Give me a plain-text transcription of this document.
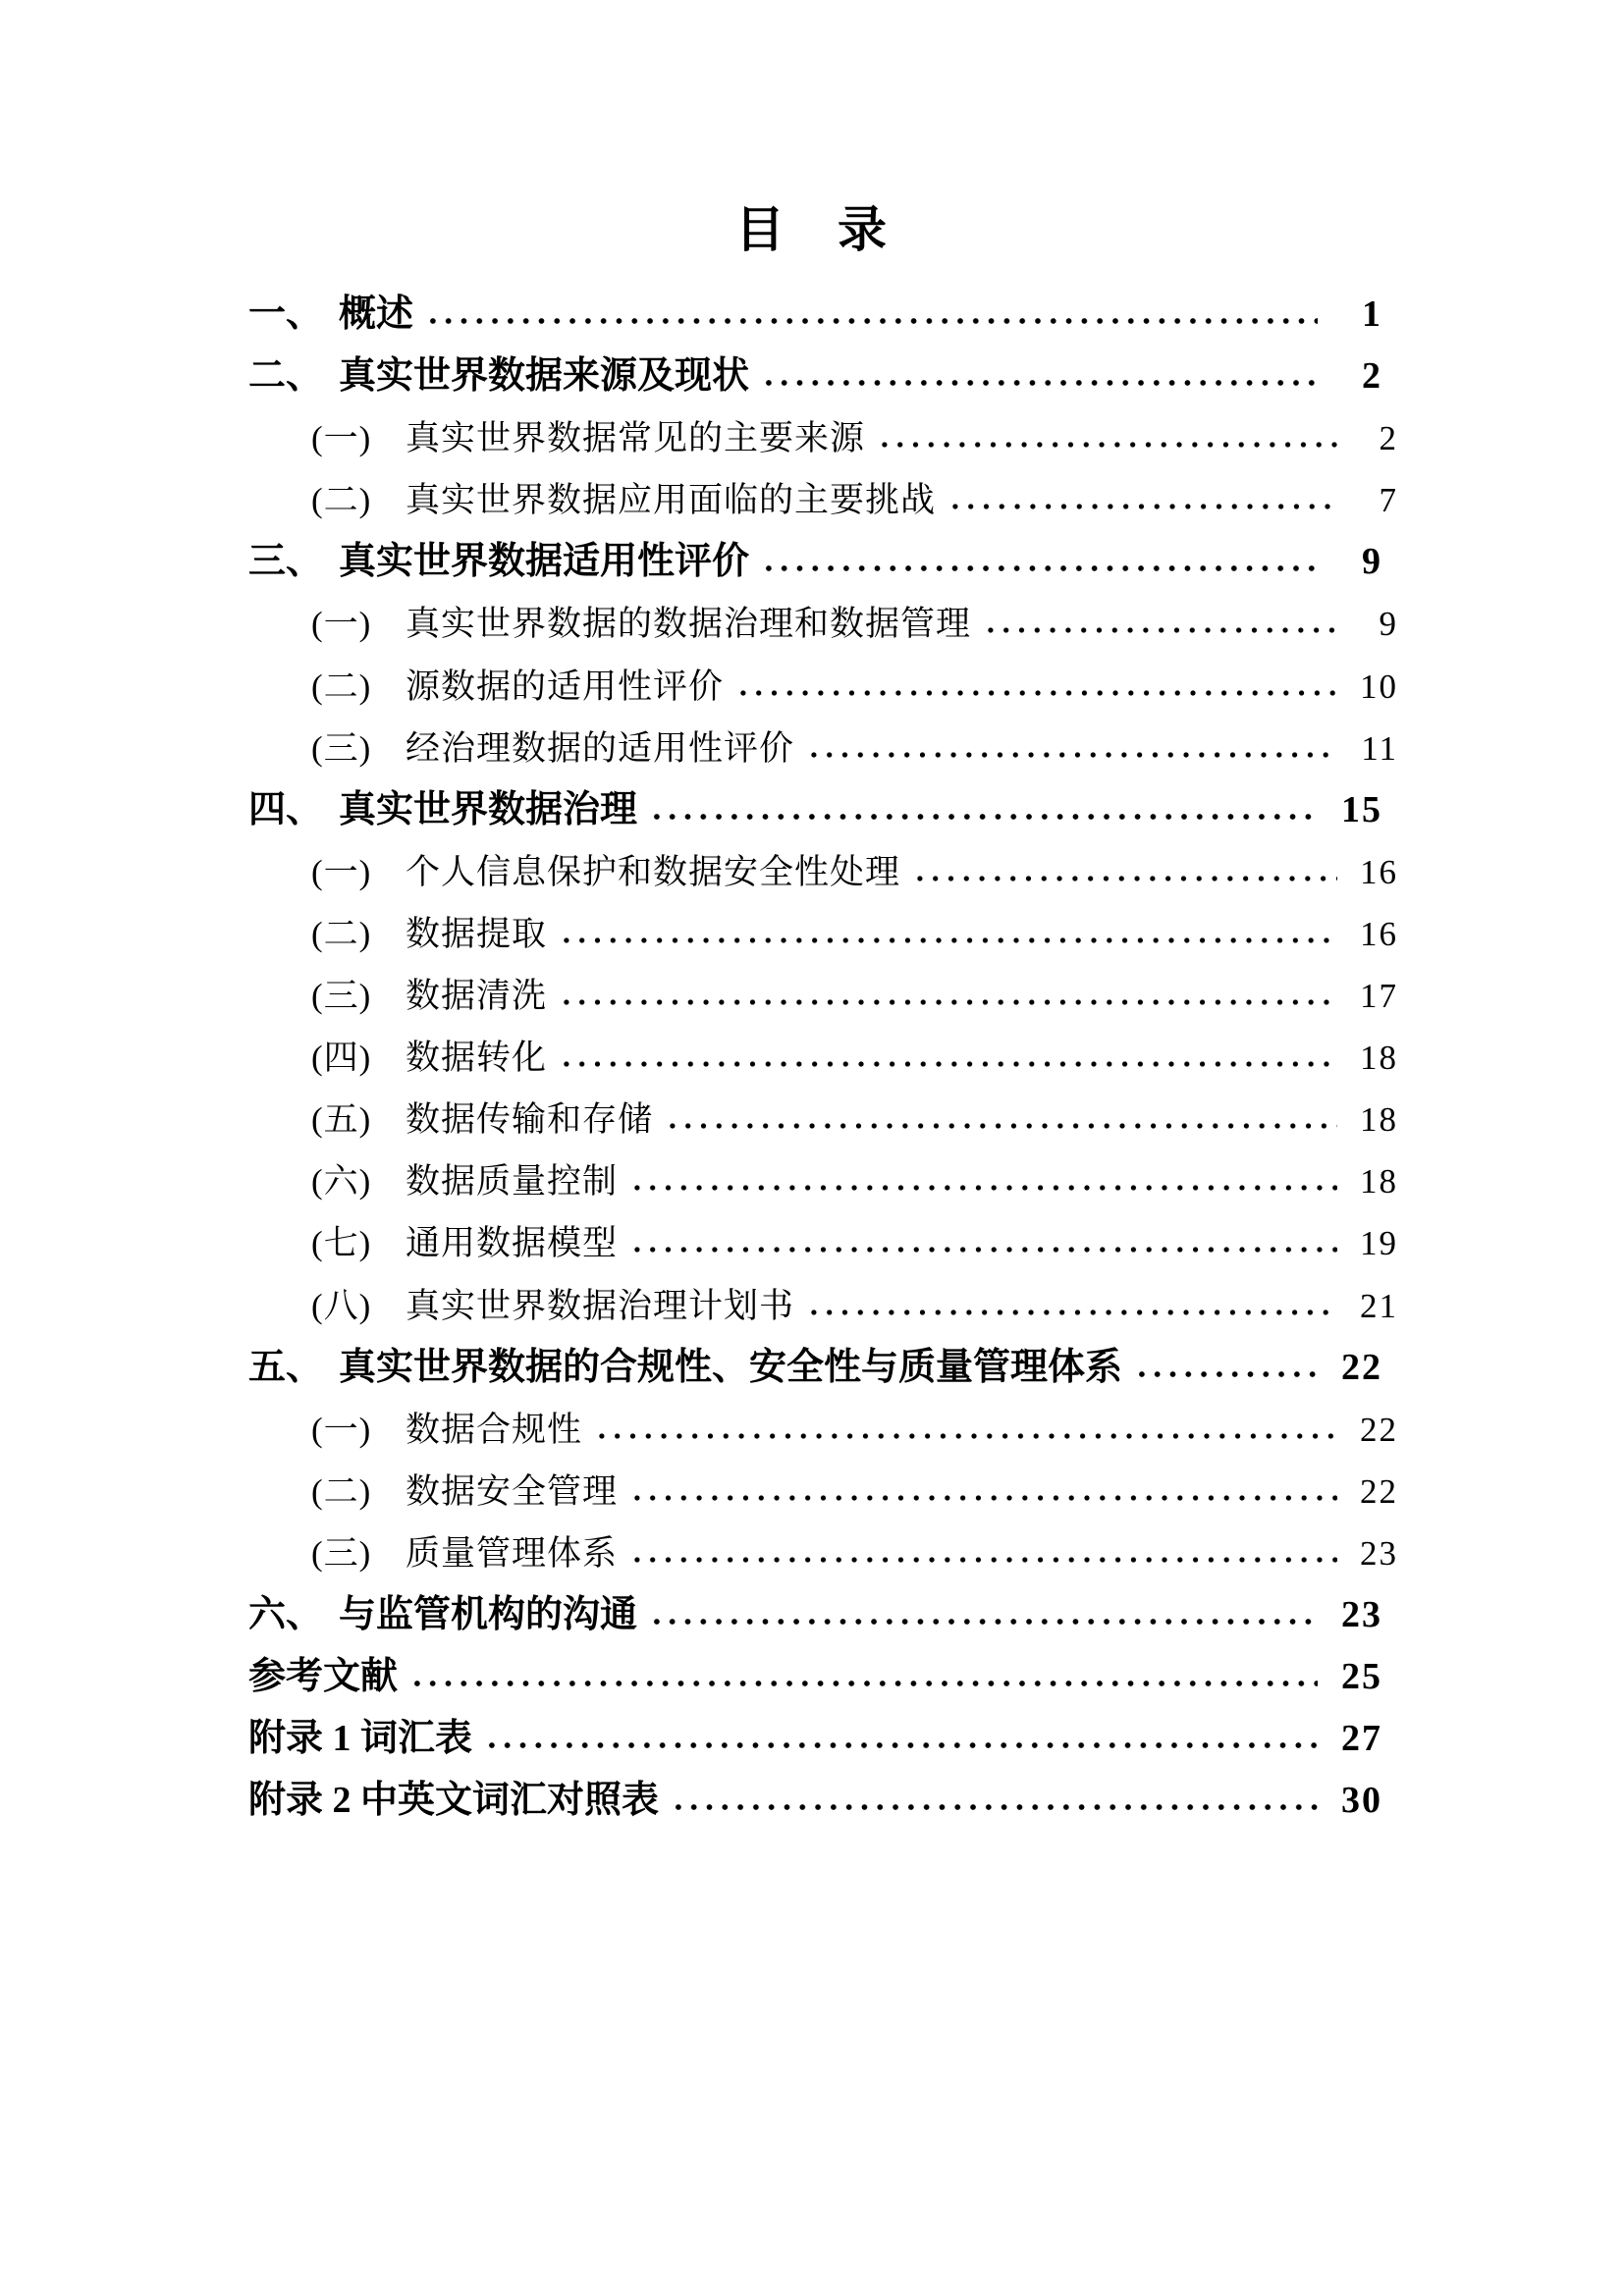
目　录
一、 概述	1
二、 真实世界数据来源及现状	2
(一) 真实世界数据常见的主要来源	2
(二) 真实世界数据应用面临的主要挑战	7
三、 真实世界数据适用性评价	9
(一) 真实世界数据的数据治理和数据管理	9
(二) 源数据的适用性评价	10
(三) 经治理数据的适用性评价	11
四、 真实世界数据治理	15
(一) 个人信息保护和数据安全性处理	16
(二) 数据提取	16
(三) 数据清洗	17
(四) 数据转化	18
(五) 数据传输和存储	18
(六) 数据质量控制	18
(七) 通用数据模型	19
(八) 真实世界数据治理计划书	21
五、 真实世界数据的合规性、安全性与质量管理体系	22
(一) 数据合规性	22
(二) 数据安全管理	22
(三) 质量管理体系	23
六、 与监管机构的沟通	23
参考文献	25
附录 1 词汇表	27
附录 2 中英文词汇对照表	30
